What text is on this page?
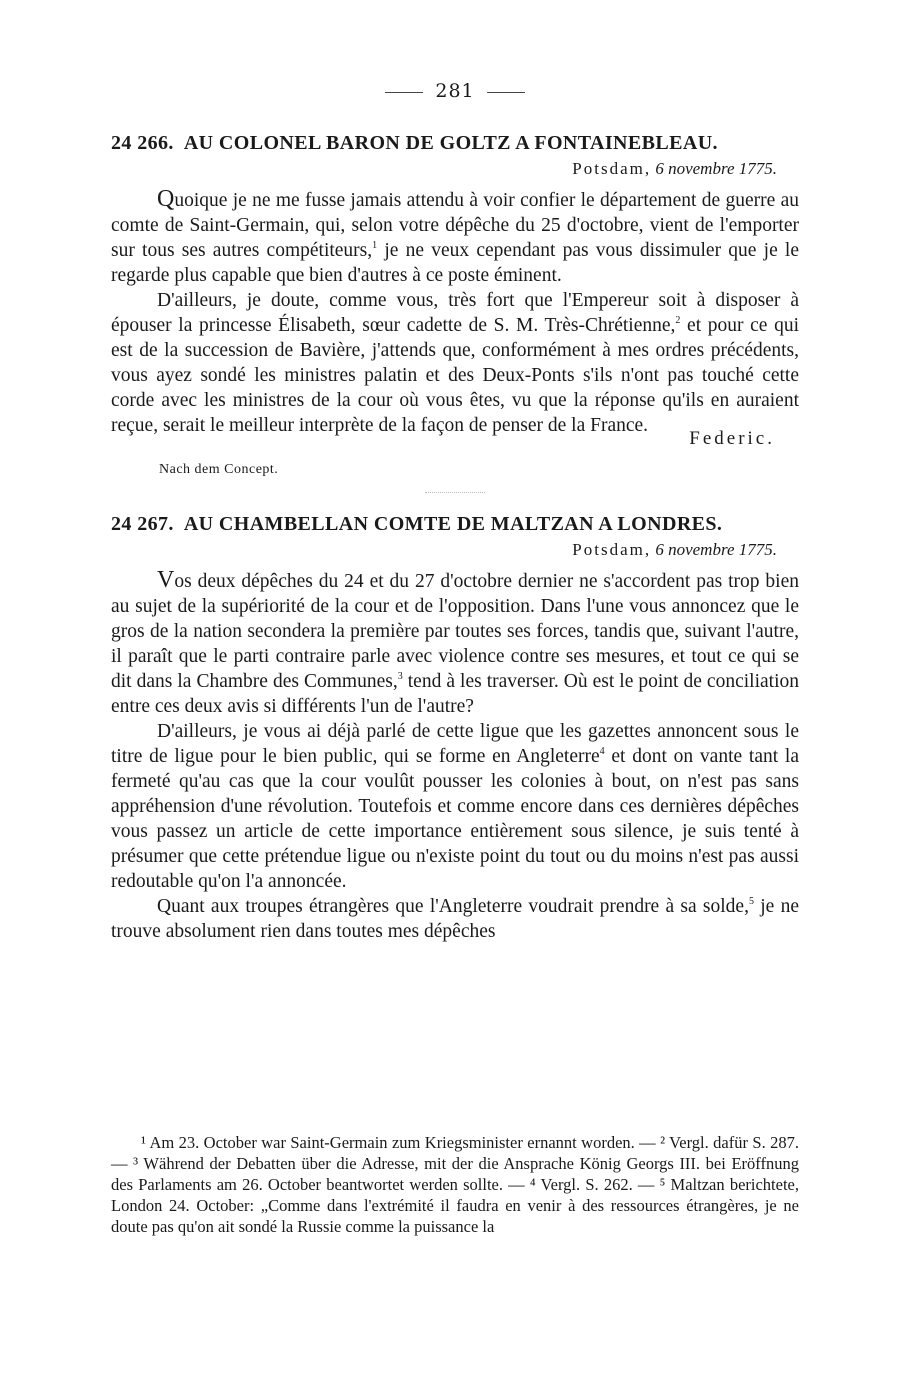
281
24 266. AU COLONEL BARON DE GOLTZ A FONTAINEBLEAU.
Potsdam, 6 novembre 1775.

Quoique je ne me fusse jamais attendu à voir confier le département de guerre au comte de Saint-Germain, qui, selon votre dépêche du 25 d'octobre, vient de l'emporter sur tous ses autres compétiteurs,$^1$ je ne veux cependant pas vous dissimuler que je le regarde plus capable que bien d'autres à ce poste éminent.

D'ailleurs, je doute, comme vous, très fort que l'Empereur soit à disposer à épouser la princesse Élisabeth, sœur cadette de S. M. Très-Chrétienne,$^2$ et pour ce qui est de la succession de Bavière, j'attends que, conformément à mes ordres précédents, vous ayez sondé les ministres palatin et des Deux-Ponts s'ils n'ont pas touché cette corde avec les ministres de la cour où vous êtes, vu que la réponse qu'ils en auraient reçue, serait le meilleur interprète de la façon de penser de la France.

Federic.
Nach dem Concept.
24 267. AU CHAMBELLAN COMTE DE MALTZAN A LONDRES.
Potsdam, 6 novembre 1775.

Vos deux dépêches du 24 et du 27 d'octobre dernier ne s'accordent pas trop bien au sujet de la supériorité de la cour et de l'opposition. Dans l'une vous annoncez que le gros de la nation secondera la première par toutes ses forces, tandis que, suivant l'autre, il paraît que le parti contraire parle avec violence contre ses mesures, et tout ce qui se dit dans la Chambre des Communes,$^3$ tend à les traverser. Où est le point de conciliation entre ces deux avis si différents l'un de l'autre?

D'ailleurs, je vous ai déjà parlé de cette ligue que les gazettes annoncent sous le titre de ligue pour le bien public, qui se forme en Angleterre$^4$ et dont on vante tant la fermeté qu'au cas que la cour voulût pousser les colonies à bout, on n'est pas sans appréhension d'une révolution. Toutefois et comme encore dans ces dernières dépêches vous passez un article de cette importance entièrement sous silence, je suis tenté à présumer que cette prétendue ligue ou n'existe point du tout ou du moins n'est pas aussi redoutable qu'on l'a annoncée.

Quant aux troupes étrangères que l'Angleterre voudrait prendre à sa solde,$^5$ je ne trouve absolument rien dans toutes mes dépêches

¹ Am 23. October war Saint-Germain zum Kriegsminister ernannt worden. — ² Vergl. dafür S. 287. — ³ Während der Debatten über die Adresse, mit der die Ansprache König Georgs III. bei Eröffnung des Parlaments am 26. October beantwortet werden sollte. — ⁴ Vergl. S. 262. — ⁵ Maltzan berichtete, London 24. October: „Comme dans l'extrémité il faudra en venir à des ressources étrangères, je ne doute pas qu'on ait sondé la Russie comme la puissance la
